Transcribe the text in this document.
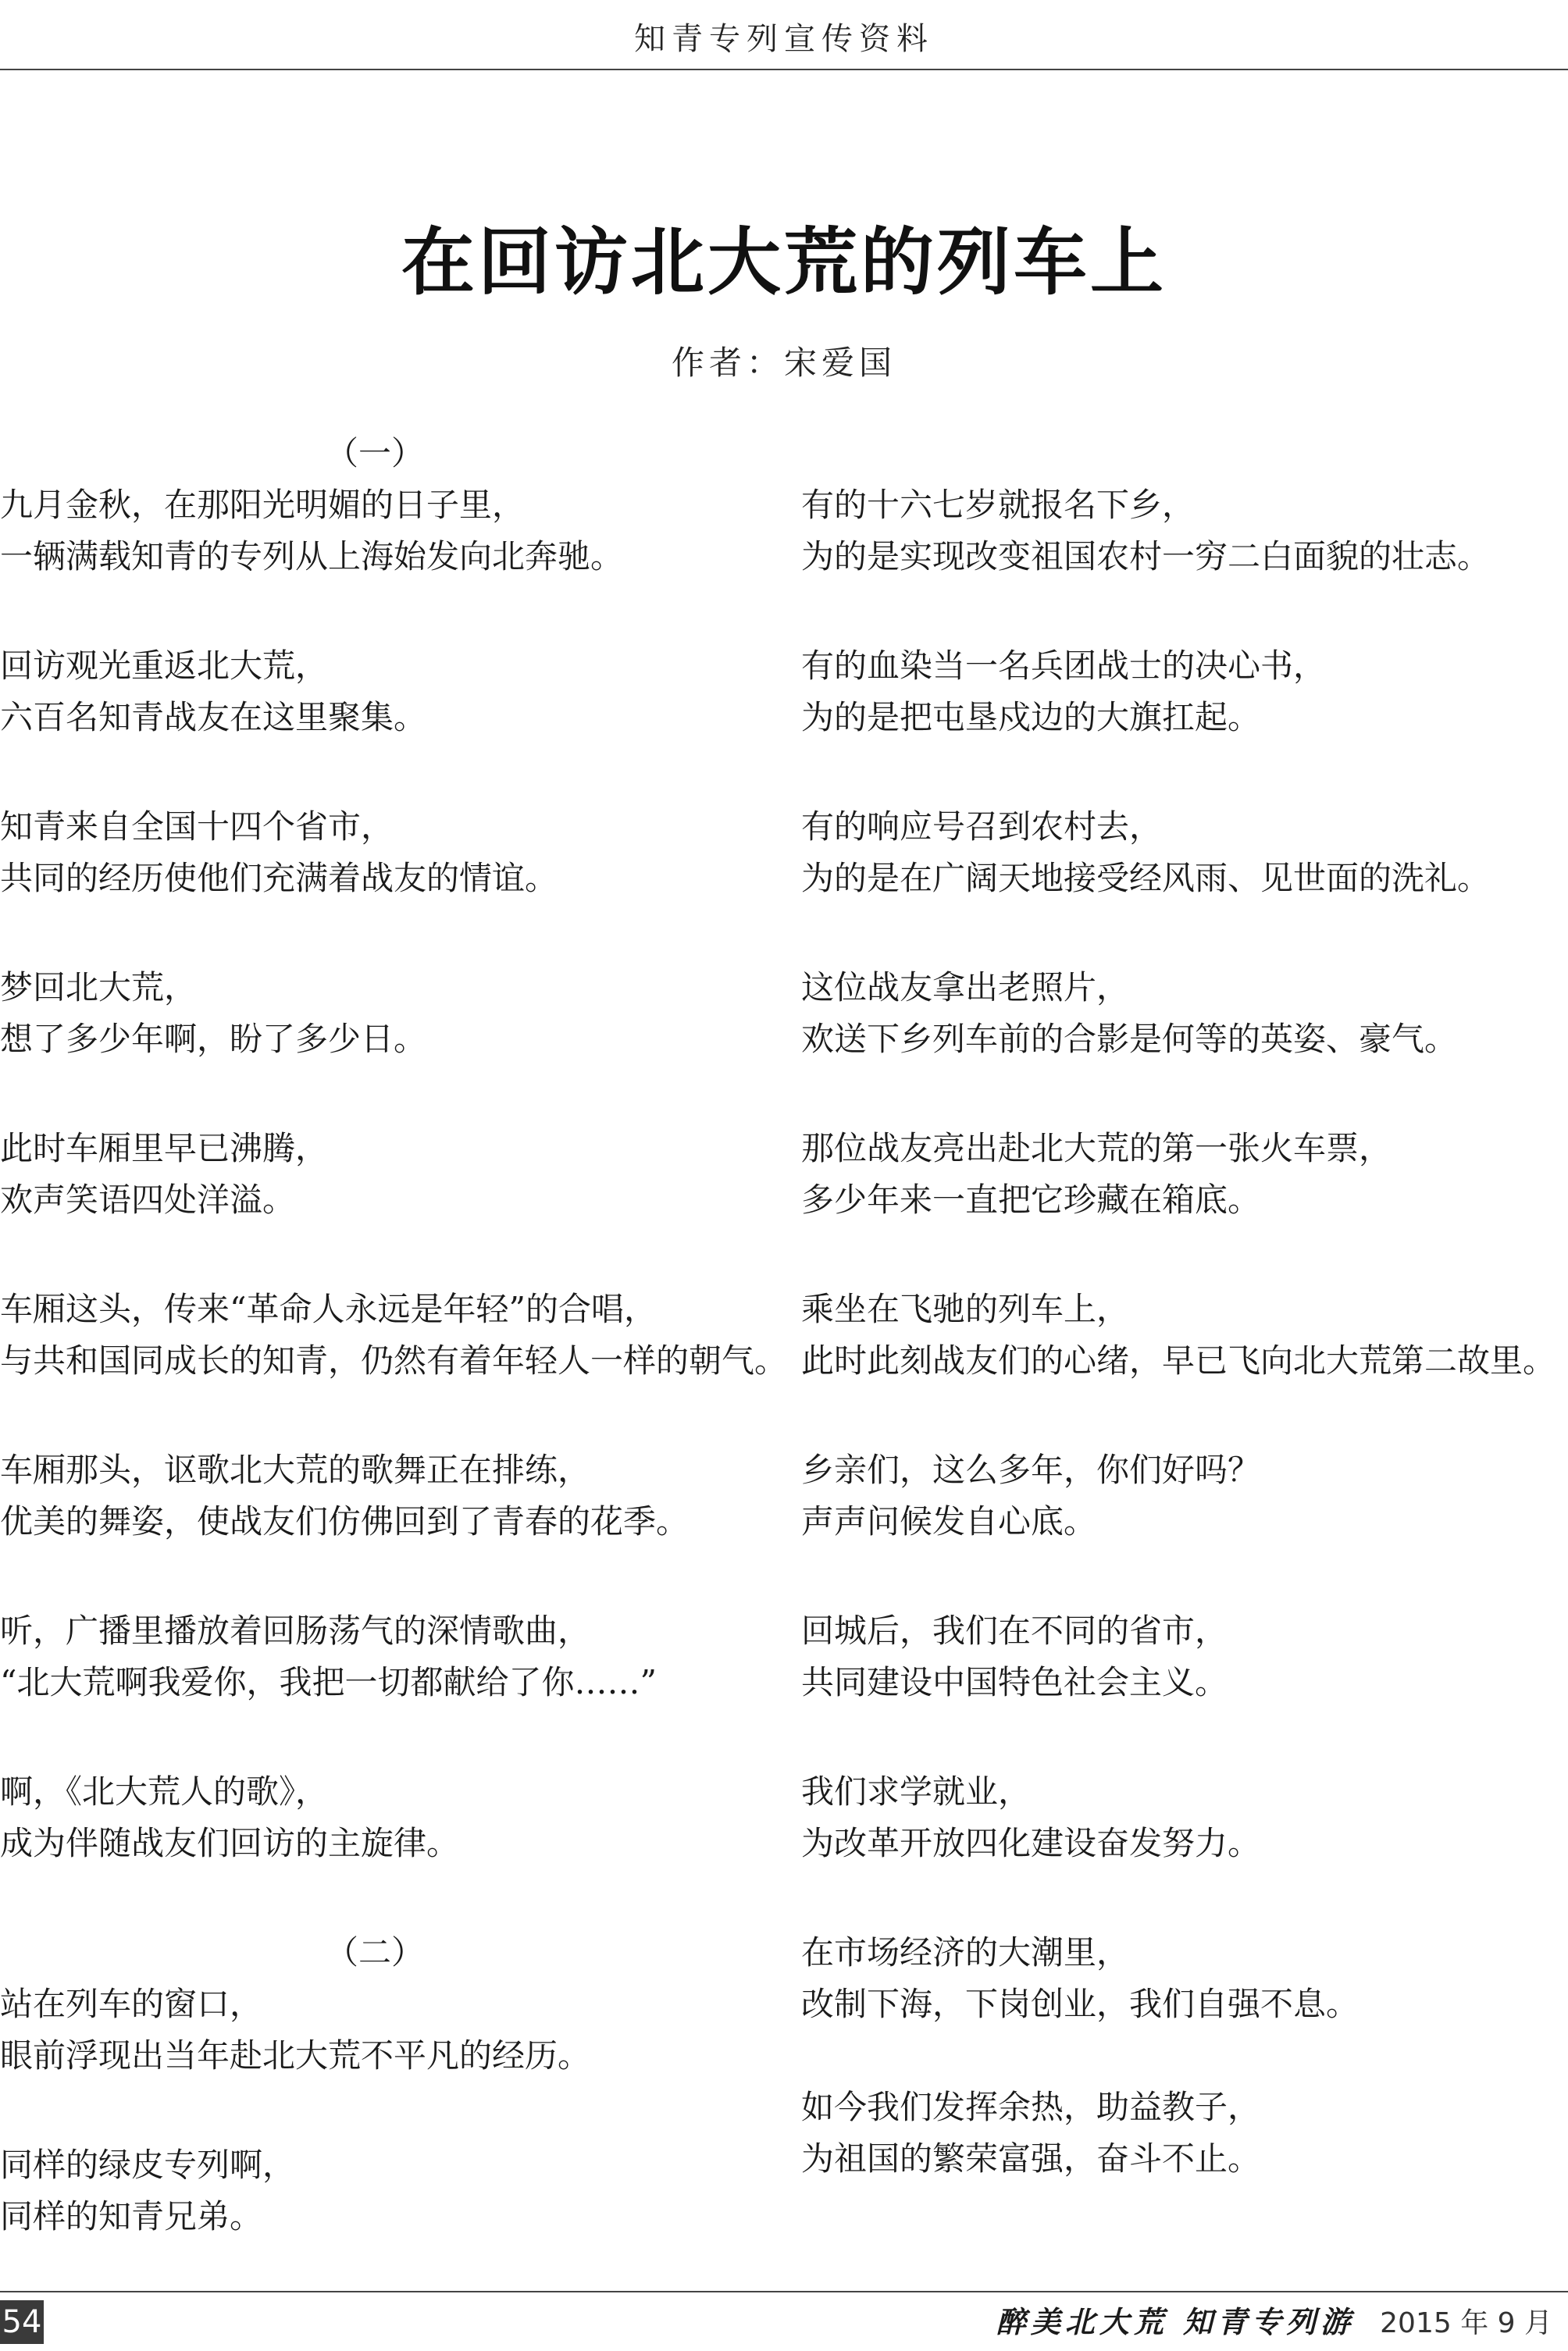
知青专列宣传资料
在回访北大荒的列车上
作者：宋爱国
（一）
九月金秋，在那阳光明媚的日子里，
一辆满载知青的专列从上海始发向北奔驰。
回访观光重返北大荒，
六百名知青战友在这里聚集。
知青来自全国十四个省市，
共同的经历使他们充满着战友的情谊。
梦回北大荒，
想了多少年啊，盼了多少日。
此时车厢里早已沸腾，
欢声笑语四处洋溢。
车厢这头，传来“革命人永远是年轻”的合唱，
与共和国同成长的知青，仍然有着年轻人一样的朝气。
车厢那头，讴歌北大荒的歌舞正在排练，
优美的舞姿，使战友们仿佛回到了青春的花季。
听，广播里播放着回肠荡气的深情歌曲，
“北大荒啊我爱你，我把一切都献给了你……”
啊，《北大荒人的歌》，
成为伴随战友们回访的主旋律。
（二）
站在列车的窗口，
眼前浮现出当年赴北大荒不平凡的经历。
同样的绿皮专列啊，
同样的知青兄弟。
有的十六七岁就报名下乡，
为的是实现改变祖国农村一穷二白面貌的壮志。
有的血染当一名兵团战士的决心书，
为的是把屯垦戍边的大旗扛起。
有的响应号召到农村去，
为的是在广阔天地接受经风雨、见世面的洗礼。
这位战友拿出老照片，
欢送下乡列车前的合影是何等的英姿、豪气。
那位战友亮出赴北大荒的第一张火车票，
多少年来一直把它珍藏在箱底。
乘坐在飞驰的列车上，
此时此刻战友们的心绪，早已飞向北大荒第二故里。
乡亲们，这么多年，你们好吗？
声声问候发自心底。
回城后，我们在不同的省市，
共同建设中国特色社会主义。
我们求学就业，
为改革开放四化建设奋发努力。
在市场经济的大潮里，
改制下海，下岗创业，我们自强不息。
如今我们发挥余热，助益教子，
为祖国的繁荣富强，奋斗不止。
54	醉美北大荒 知青专列游 2015 年 9 月
